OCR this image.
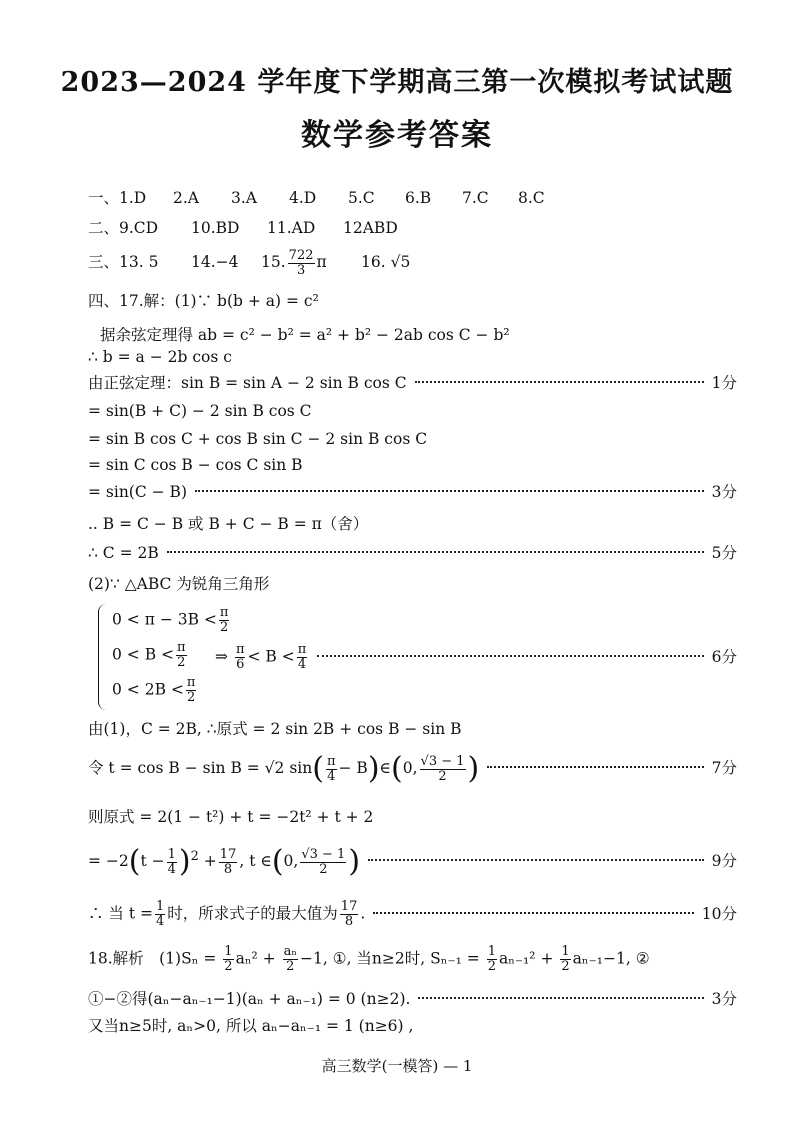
2023—2024 学年度下学期高三第一次模拟考试试题
数学参考答案
一、1.D 2.A 3.A 4.D 5.C 6.B 7.C 8.C
二、9.CD 10.BD 11.AD 12ABD
三、13. 5 14.−4 15. $\frac{722}{3}$ π 16. √5
四、17.解：(1)∵ b(b + a) = c²
据余弦定理得 ab = c² − b² = a² + b² − 2ab cos C − b²
∴ b = a − 2b cos c
由正弦定理：sin B = sin A − 2 sin B cos C	1分
= sin(B + C) − 2 sin B cos C
= sin B cos C + cos B sin C − 2 sin B cos C
= sin C cos B − cos C sin B
= sin(C − B)	3分
.. B = C − B 或 B + C − B = π（舍）
∴ C = 2B	5分
(2)∵ △ABC 为锐角三角形
$0 < \pi - 3B < \frac{\pi}{2}$
$0 < B < \frac{\pi}{2}$ ⇒ $\frac{\pi}{6} < B < \frac{\pi}{4}$	6分
$0 < 2B < \frac{\pi}{2}$
由(1)，C = 2B, ∴原式 = 2 sin 2B + cos B − sin B
令 t = cos B − sin B = √2 $\sin( \frac{\pi}{4}$ − B)∈(0, $\frac{√3 - 1}{2}$ )	7分
则原式 = 2(1 − t²) + t = −2t² + t + 2
= $-2(t - \frac{1}{4} )^2 + \frac{17}{8}$ , t ∈(0, $\frac{√3 - 1}{2}$ )	9分
∴ 当 $t = \frac{1}{4}$ 时，所求式子的最大值为 $\frac{17}{8}$ .	10分
18.解析　$(1)S_n = \frac{1}{2} a_n^2 + \frac{\text{aₙ}}{2} -1$, ①, 当n≥2时, $S_{n-1} = \frac{1}{2} a_{n-1}^2 + \frac{1}{2} a_{n-1}-1$, ②
①−②得(aₙ−aₙ₋₁−1)(aₙ + aₙ₋₁) = 0 (n≥2).	3分
又当n≥5时, aₙ>0, 所以 aₙ−aₙ₋₁ = 1 (n≥6) ,
高三数学(一模答) — 1
